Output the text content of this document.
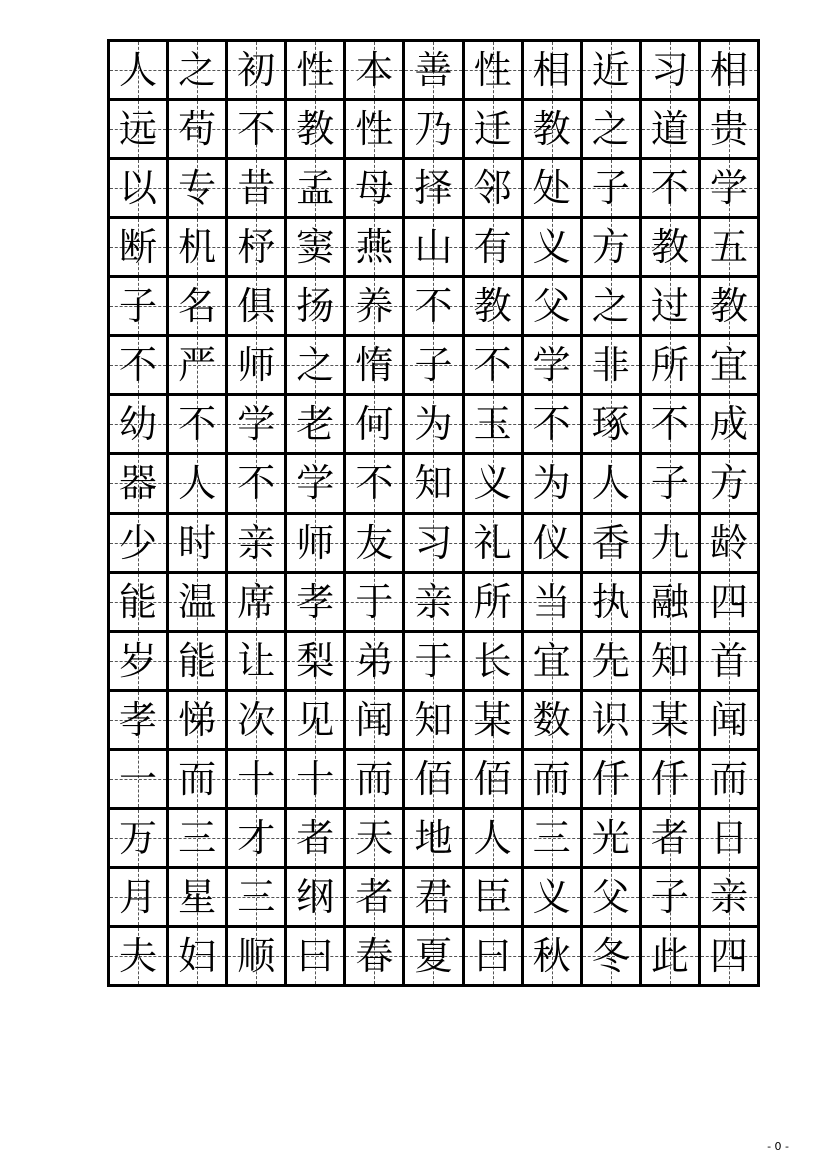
人 之 初 性 本 善 性 相 近 习 相
远 苟 不 教 性 乃 迁 教 之 道 贵
以 专 昔 孟 母 择 邻 处 子 不 学
断 机 杼 窦 燕 山 有 义 方 教 五
子 名 俱 扬 养 不 教 父 之 过 教
不 严 师 之 惰 子 不 学 非 所 宜
幼 不 学 老 何 为 玉 不 琢 不 成
器 人 不 学 不 知 义 为 人 子 方
少 时 亲 师 友 习 礼 仪 香 九 龄
能 温 席 孝 于 亲 所 当 执 融 四
岁 能 让 梨 弟 于 长 宜 先 知 首
孝 悌 次 见 闻 知 某 数 识 某 闻
一 而 十 十 而 佰 佰 而 仟 仟 而
万 三 才 者 天 地 人 三 光 者 日
月 星 三 纲 者 君 臣 义 父 子 亲
夫 妇 顺 曰 春 夏 曰 秋 冬 此 四
- 0 -
